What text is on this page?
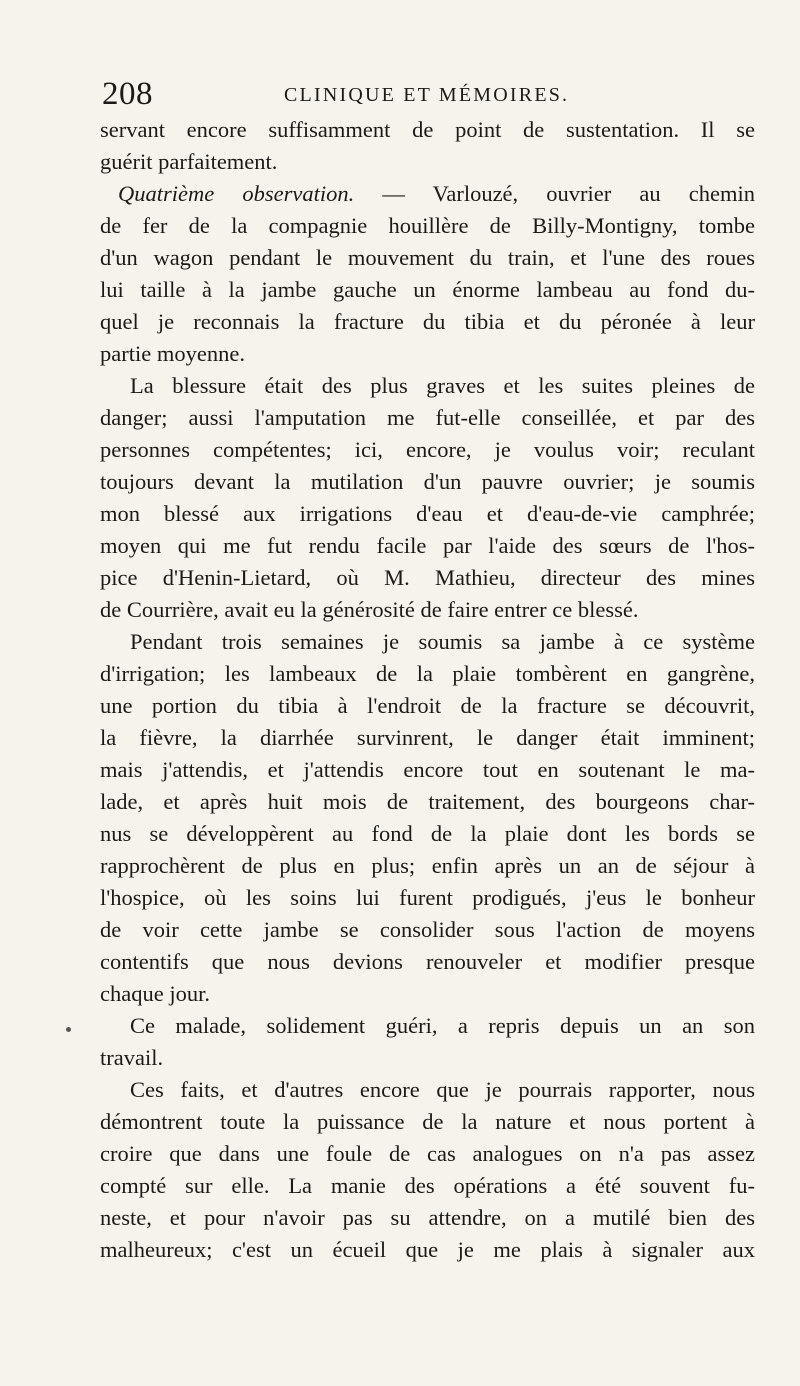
208	CLINIQUE ET MÉMOIRES.
servant encore suffisamment de point de sustentation. Il se
guérit parfaitement.
Quatrième observation. — Varlouzé, ouvrier au chemin
de fer de la compagnie houillère de Billy-Montigny, tombe
d'un wagon pendant le mouvement du train, et l'une des roues
lui taille à la jambe gauche un énorme lambeau au fond du-
quel je reconnais la fracture du tibia et du péronée à leur
partie moyenne.
La blessure était des plus graves et les suites pleines de
danger; aussi l'amputation me fut-elle conseillée, et par des
personnes compétentes; ici, encore, je voulus voir; reculant
toujours devant la mutilation d'un pauvre ouvrier; je soumis
mon blessé aux irrigations d'eau et d'eau-de-vie camphrée;
moyen qui me fut rendu facile par l'aide des sœurs de l'hos-
pice d'Henin-Lietard, où M. Mathieu, directeur des mines
de Courrière, avait eu la générosité de faire entrer ce blessé.
Pendant trois semaines je soumis sa jambe à ce système
d'irrigation; les lambeaux de la plaie tombèrent en gangrène,
une portion du tibia à l'endroit de la fracture se découvrit,
la fièvre, la diarrhée survinrent, le danger était imminent;
mais j'attendis, et j'attendis encore tout en soutenant le ma-
lade, et après huit mois de traitement, des bourgeons char-
nus se développèrent au fond de la plaie dont les bords se
rapprochèrent de plus en plus; enfin après un an de séjour à
l'hospice, où les soins lui furent prodigués, j'eus le bonheur
de voir cette jambe se consolider sous l'action de moyens
contentifs que nous devions renouveler et modifier presque
chaque jour.
Ce malade, solidement guéri, a repris depuis un an son
travail.
Ces faits, et d'autres encore que je pourrais rapporter, nous
démontrent toute la puissance de la nature et nous portent à
croire que dans une foule de cas analogues on n'a pas assez
compté sur elle. La manie des opérations a été souvent fu-
neste, et pour n'avoir pas su attendre, on a mutilé bien des
malheureux; c'est un écueil que je me plais à signaler aux
